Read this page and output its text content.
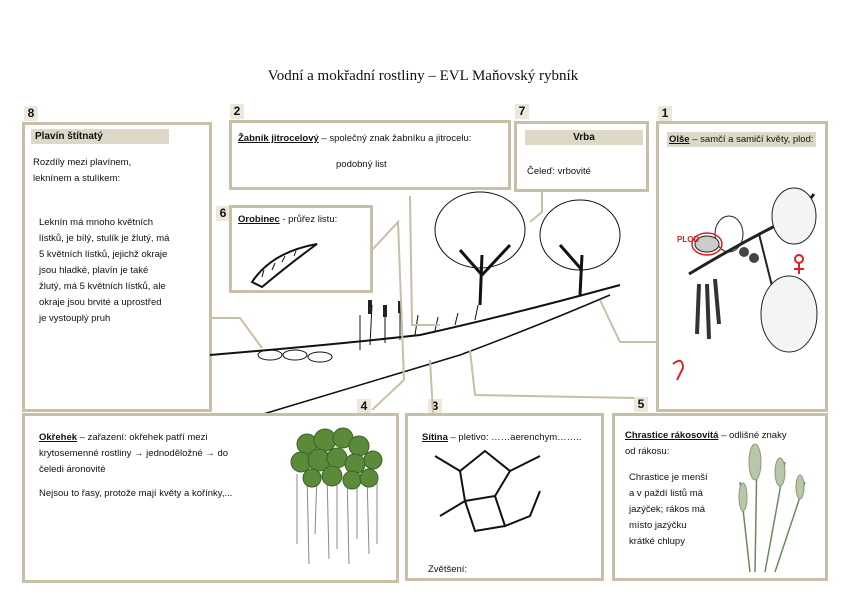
Vodní a mokřadní rostliny – EVL Maňovský rybník
8	2	7	1
6
4	3	5
Plavín štítnatý
Rozdíly mezi plavínem,
leknínem a stulíkem:
Leknín má mnoho květních
lístků, je bílý, stulík je žlutý, má
5 květních lístků, jejichž okraje
jsou hladké, plavín je také
žlutý, má 5 květních lístků, ale
okraje jsou brvité a uprostřed
je vystouplý pruh
Žabník jitrocelový – společný znak žabníku a jitrocelu:
podobný list
Vrba
Čeleď: vrbovité
Olše – samčí a samičí květy, plod:
PLOD
Orobinec - průřez listu:
Okřehek – zařazení: okřehek patří mezi
krytosemenné rostliny → jednoděložné → do
čeledi áronovité
Nejsou to řasy, protože mají květy a kořínky,...
Sítina – pletivo: ……aerenchym……..
Zvětšení:
Chrastice rákosovitá – odlišné znaky
od rákosu:
Chrastice je menší
a v paždí listů má
jazýček; rákos má
místo jazýčku
krátké chlupy
